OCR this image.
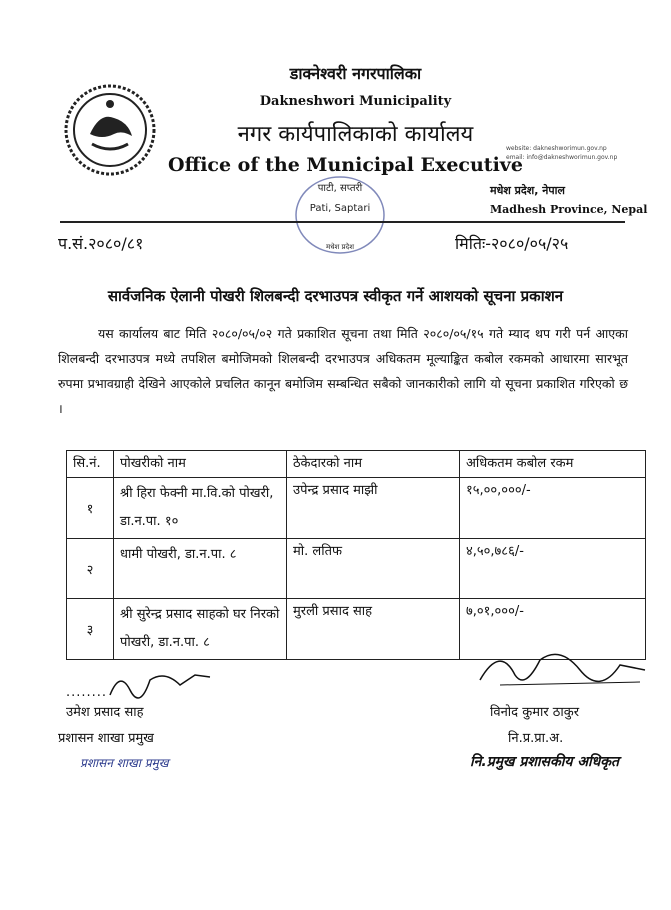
डाक्नेश्वरी नगरपालिका
Dakneshwori Municipality
नगर कार्यपालिकाको कार्यालय
Office of the Municipal Executive
website: dakneshworimun.gov.np
email: info@dakneshworimun.gov.np
मधेश प्रदेश, नेपाल
Madhesh Province, Nepal
पाटी, सप्तरी
Pati, Saptari
मधेश प्रदेश
प.सं.२०८०/८१	मितिः-२०८०/०५/२५
सार्वजनिक ऐलानी पोखरी शिलबन्दी दरभाउपत्र स्वीकृत गर्ने आशयको सूचना प्रकाशन
यस कार्यालय बाट मिति २०८०/०५/०२ गते प्रकाशित सूचना तथा मिति २०८०/०५/१५ गते म्याद थप गरी पर्न आएका शिलबन्दी दरभाउपत्र मध्ये तपशिल बमोजिमको शिलबन्दी दरभाउपत्र अधिकतम मूल्याङ्कित कबोल रकमको आधारमा सारभूत रुपमा प्रभावग्राही देखिने आएकोले प्रचलित कानून बमोजिम सम्बन्धित सबैको जानकारीको लागि यो सूचना प्रकाशित गरिएको छ ।
सि.नं.	पोखरीको नाम	ठेकेदारको नाम	अधिकतम कबोल रकम
१	श्री हिरा फेक्नी मा.वि.को पोखरी, डा.न.पा. १०	उपेन्द्र प्रसाद माझी	१५,००,०००/-
२	धामी पोखरी, डा.न.पा. ८	मो. लतिफ	४,५०,७८६/-
३	श्री सुरेन्द्र प्रसाद साहको घर निरको पोखरी, डा.न.पा. ८	मुरली प्रसाद साह	७,०१,०००/-
........
उमेश प्रसाद साह
प्रशासन शाखा प्रमुख
प्रशासन शाखा प्रमुख
विनोद कुमार ठाकुर
नि.प्र.प्रा.अ.
नि.प्रमुख प्रशासकीय अधिकृत
